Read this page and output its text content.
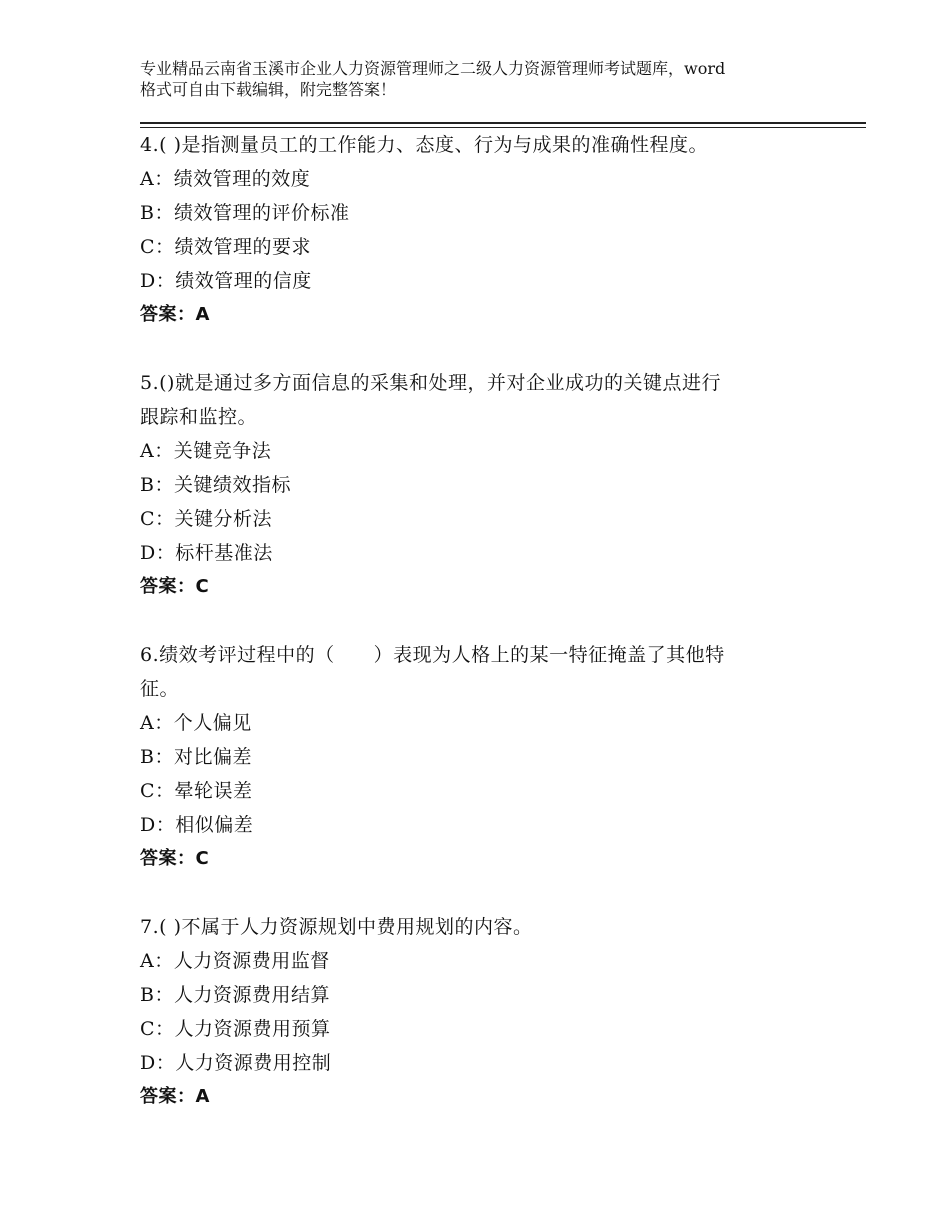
专业精品云南省玉溪市企业人力资源管理师之二级人力资源管理师考试题库，word
格式可自由下载编辑，附完整答案！

4.( )是指测量员工的工作能力、态度、行为与成果的准确性程度。

A：绩效管理的效度

B：绩效管理的评价标准

C：绩效管理的要求

D：绩效管理的信度

答案：A

5.()就是通过多方面信息的采集和处理，并对企业成功的关键点进行

跟踪和监控。

A：关键竞争法

B：关键绩效指标

C：关键分析法

D：标杆基准法

答案：C

6.绩效考评过程中的（　　）表现为人格上的某一特征掩盖了其他特

征。

A：个人偏见

B：对比偏差

C：晕轮误差

D：相似偏差

答案：C

7.( )不属于人力资源规划中费用规划的内容。

A：人力资源费用监督

B：人力资源费用结算

C：人力资源费用预算

D：人力资源费用控制

答案：A
